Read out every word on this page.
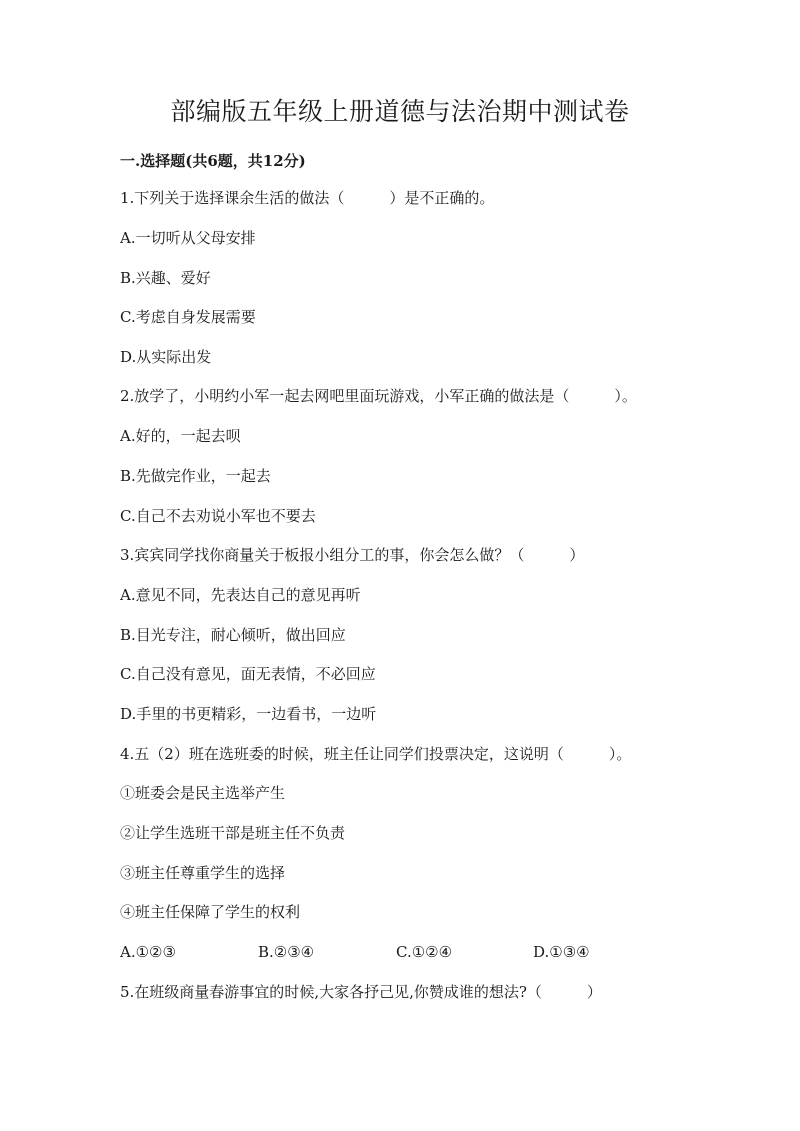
部编版五年级上册道德与法治期中测试卷
一.选择题(共6题，共12分)
1.下列关于选择课余生活的做法（　　　）是不正确的。
A.一切听从父母安排
B.兴趣、爱好
C.考虑自身发展需要
D.从实际出发
2.放学了，小明约小军一起去网吧里面玩游戏，小军正确的做法是（　　　）。
A.好的，一起去呗
B.先做完作业，一起去
C.自己不去劝说小军也不要去
3.宾宾同学找你商量关于板报小组分工的事，你会怎么做？（　　　）
A.意见不同，先表达自己的意见再听
B.目光专注，耐心倾听，做出回应
C.自己没有意见，面无表情，不必回应
D.手里的书更精彩，一边看书，一边听
4.五（2）班在选班委的时候，班主任让同学们投票决定，这说明（　　　）。
①班委会是民主选举产生
②让学生选班干部是班主任不负责
③班主任尊重学生的选择
④班主任保障了学生的权利
A.①②③	B.②③④	C.①②④	D.①③④
5.在班级商量春游事宜的时候,大家各抒己见,你赞成谁的想法?（　　　）
